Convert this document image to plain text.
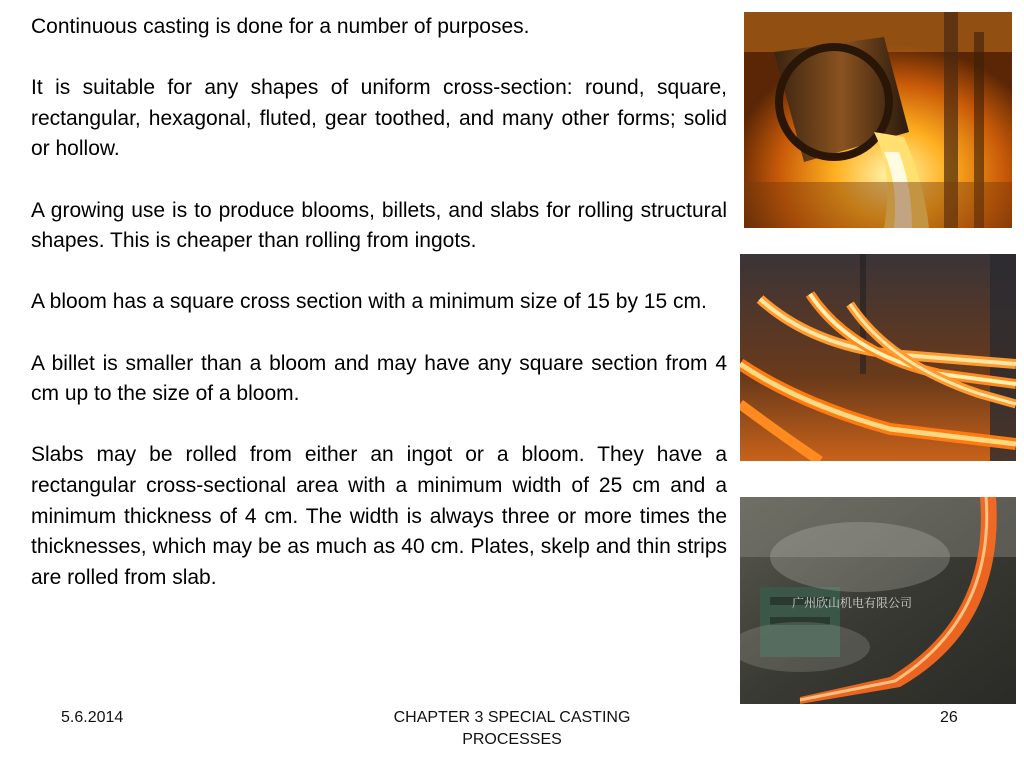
Continuous casting is done for a number of purposes.

It is suitable for any shapes of uniform cross-section: round, square, rectangular, hexagonal, fluted, gear toothed, and many other forms; solid or hollow.

A growing use is to produce blooms, billets, and slabs for rolling structural shapes. This is cheaper than rolling from ingots.

A bloom has a square cross section with a minimum size of 15 by 15 cm.

A billet is smaller than a bloom and may have any square section from 4 cm up to the size of a bloom.

Slabs may be rolled from either an ingot or a bloom. They have a rectangular cross-sectional area with a minimum width of 25 cm and a minimum thickness of 4 cm. The width is always three or more times the thicknesses, which may be as much as 40 cm. Plates, skelp and thin strips are rolled from slab.

广州欣山机电有限公司
5.6.2014	CHAPTER 3 SPECIAL CASTING PROCESSES
26
